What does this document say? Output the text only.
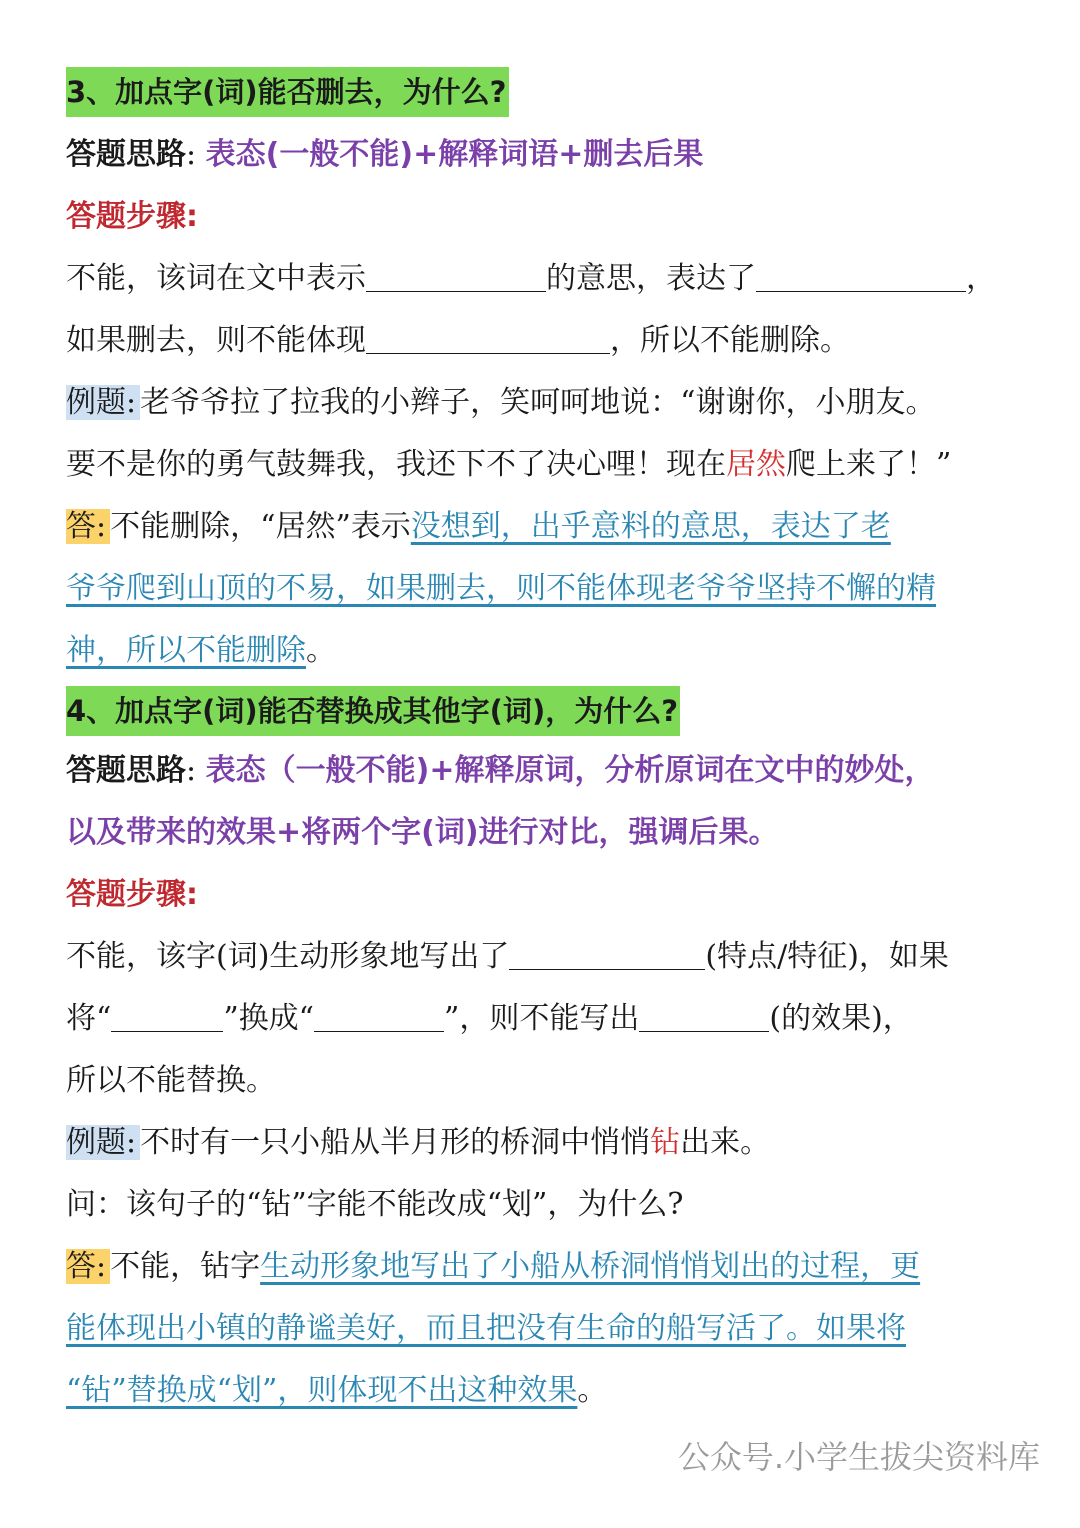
3、加点字(词)能否删去，为什么?
答题思路: 表态(一般不能)+解释词语+删去后果
答题步骤:
不能，该词在文中表示	的意思，表达了	，
如果删去，则不能体现	，所以不能删除。
例题: 老爷爷拉了拉我的小辫子，笑呵呵地说：“谢谢你，小朋友。
要不是你的勇气鼓舞我，我还下不了决心哩！现在居然爬上来了！”
答: 不能删除，“居然”表示没想到，出乎意料的意思，表达了老
爷爷爬到山顶的不易，如果删去，则不能体现老爷爷坚持不懈的精
神，所以不能删除。
4、加点字(词)能否替换成其他字(词)，为什么?
答题思路: 表态（一般不能)+解释原词，分析原词在文中的妙处，
以及带来的效果+将两个字(词)进行对比，强调后果。
答题步骤:
不能，该字(词)生动形象地写出了	(特点/特征)，如果
将“	”换成“	”，则不能写出	(的效果)，
所以不能替换。
例题: 不时有一只小船从半月形的桥洞中悄悄钻出来。
问：该句子的“钻”字能不能改成“划”，为什么?
答: 不能，钻字生动形象地写出了小船从桥洞悄悄划出的过程，更
能体现出小镇的静谧美好，而且把没有生命的船写活了。如果将
“钻”替换成“划”，则体现不出这种效果。
公众号.小学生拔尖资料库
